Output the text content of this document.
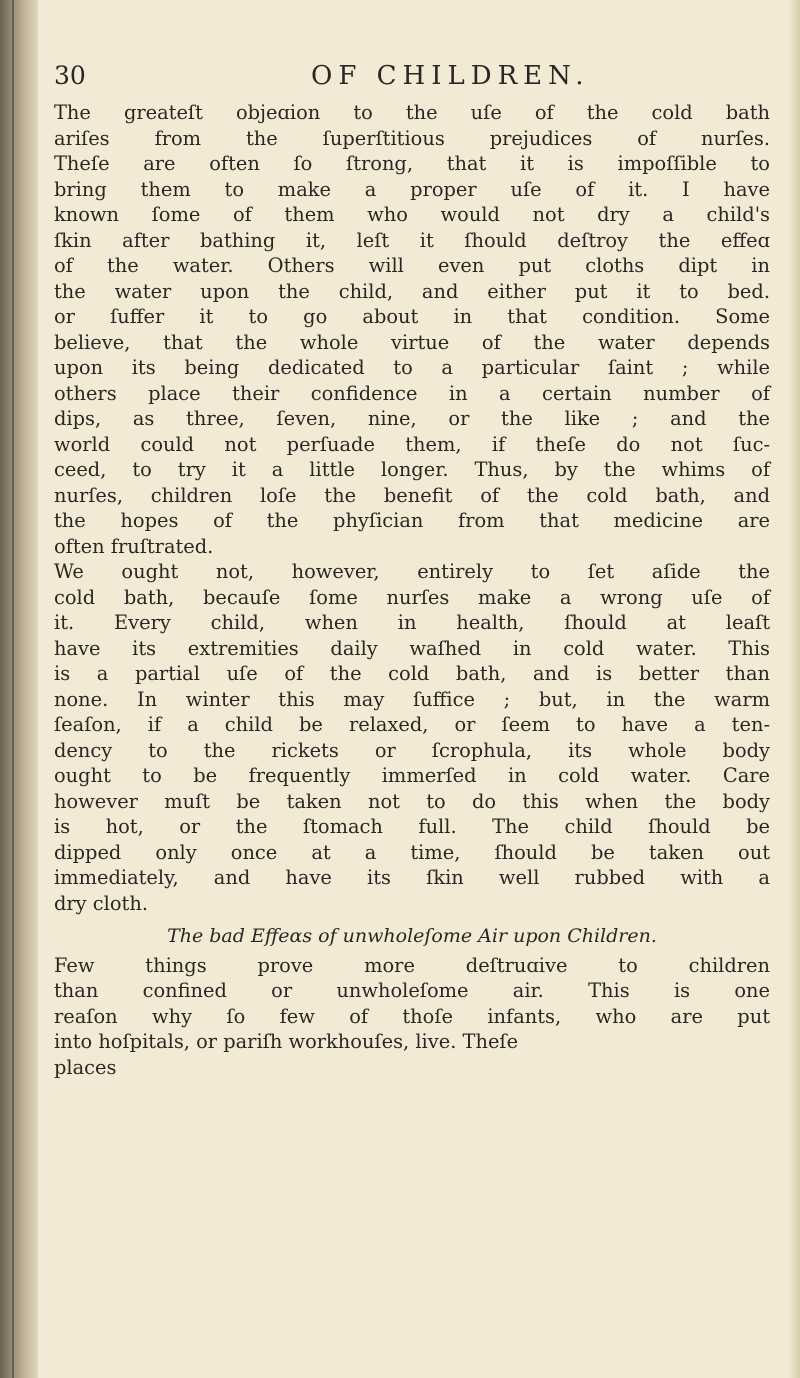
30	OF CHILDREN.
The greateſt objeɑion to the uſe of the cold bath
ariſes from the ſuperſtitious prejudices of nurſes.
Theſe are often ſo ſtrong, that it is impoſſible to
bring them to make a proper uſe of it. I have
known ſome of them who would not dry a child's
ſkin after bathing it, leſt it ſhould deſtroy the effeɑ
of the water. Others will even put cloths dipt in
the water upon the child, and either put it to bed.
or ſuffer it to go about in that condition. Some
believe, that the whole virtue of the water depends
upon its being dedicated to a particular ſaint ; while
others place their confidence in a certain number of
dips, as three, ſeven, nine, or the like ; and the
world could not perſuade them, if theſe do not ſuc-
ceed, to try it a little longer. Thus, by the whims of
nurſes, children loſe the benefit of the cold bath, and
the hopes of the phyſician from that medicine are
often fruſtrated.
We ought not, however, entirely to ſet aſide the
cold bath, becauſe ſome nurſes make a wrong uſe of
it. Every child, when in health, ſhould at leaſt
have its extremities daily waſhed in cold water. This
is a partial uſe of the cold bath, and is better than
none. In winter this may ſuffice ; but, in the warm
ſeaſon, if a child be relaxed, or ſeem to have a ten-
dency to the rickets or ſcrophula, its whole body
ought to be frequently immerſed in cold water. Care
however muſt be taken not to do this when the body
is hot, or the ſtomach full. The child ſhould be
dipped only once at a time, ſhould be taken out
immediately, and have its ſkin well rubbed with a
dry cloth.
The bad Effeɑs of unwholeſome Air upon Children.
Few things prove more deſtruɑive to children
than confined or unwholeſome air. This is one
reaſon why ſo few of thoſe infants, who are put
into hoſpitals, or pariſh workhouſes, live. Theſe
places
